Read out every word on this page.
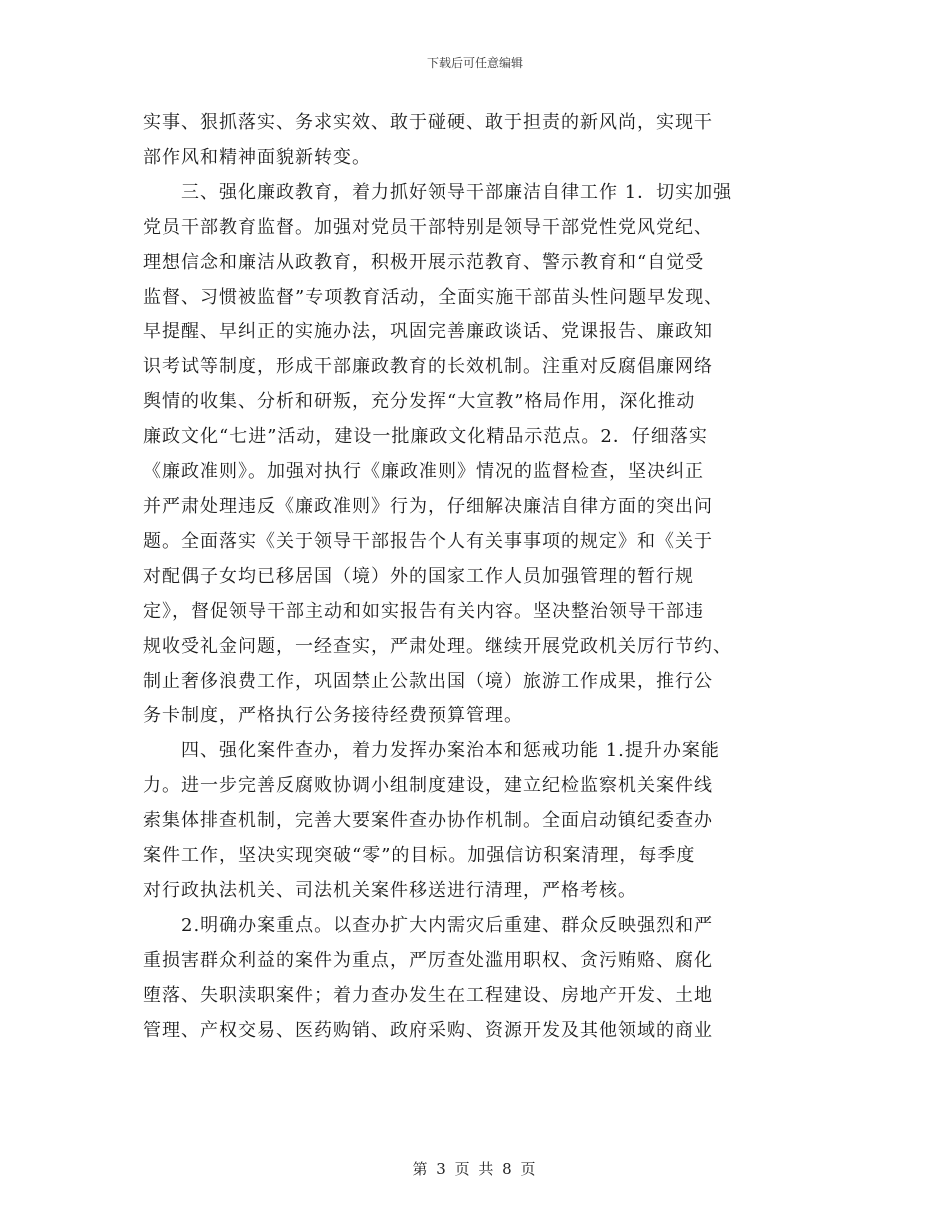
下载后可任意编辑

实事、狠抓落实、务求实效、敢于碰硬、敢于担责的新风尚，实现干
部作风和精神面貌新转变。

　　三、强化廉政教育，着力抓好领导干部廉洁自律工作 1．切实加强
党员干部教育监督。加强对党员干部特别是领导干部党性党风党纪、
理想信念和廉洁从政教育，积极开展示范教育、警示教育和“自觉受
监督、习惯被监督”专项教育活动，全面实施干部苗头性问题早发现、
早提醒、早纠正的实施办法，巩固完善廉政谈话、党课报告、廉政知
识考试等制度，形成干部廉政教育的长效机制。注重对反腐倡廉网络
舆情的收集、分析和研叛，充分发挥“大宣教”格局作用，深化推动
廉政文化“七进”活动，建设一批廉政文化精品示范点。2．仔细落实
《廉政准则》。加强对执行《廉政准则》情况的监督检查，坚决纠正
并严肃处理违反《廉政准则》行为，仔细解决廉洁自律方面的突出问
题。全面落实《关于领导干部报告个人有关事事项的规定》和《关于
对配偶子女均已移居国（境）外的国家工作人员加强管理的暂行规
定》，督促领导干部主动和如实报告有关内容。坚决整治领导干部违
规收受礼金问题，一经查实，严肃处理。继续开展党政机关厉行节约、
制止奢侈浪费工作，巩固禁止公款出国（境）旅游工作成果，推行公
务卡制度，严格执行公务接待经费预算管理。

　　四、强化案件查办，着力发挥办案治本和惩戒功能 1.提升办案能
力。进一步完善反腐败协调小组制度建设，建立纪检监察机关案件线
索集体排查机制，完善大要案件查办协作机制。全面启动镇纪委查办
案件工作，坚决实现突破“零”的目标。加强信访积案清理，每季度
对行政执法机关、司法机关案件移送进行清理，严格考核。

　　2.明确办案重点。以查办扩大内需灾后重建、群众反映强烈和严
重损害群众利益的案件为重点，严厉查处滥用职权、贪污贿赂、腐化
堕落、失职渎职案件；着力查办发生在工程建设、房地产开发、土地
管理、产权交易、医药购销、政府采购、资源开发及其他领域的商业

第 3 页 共 8 页
